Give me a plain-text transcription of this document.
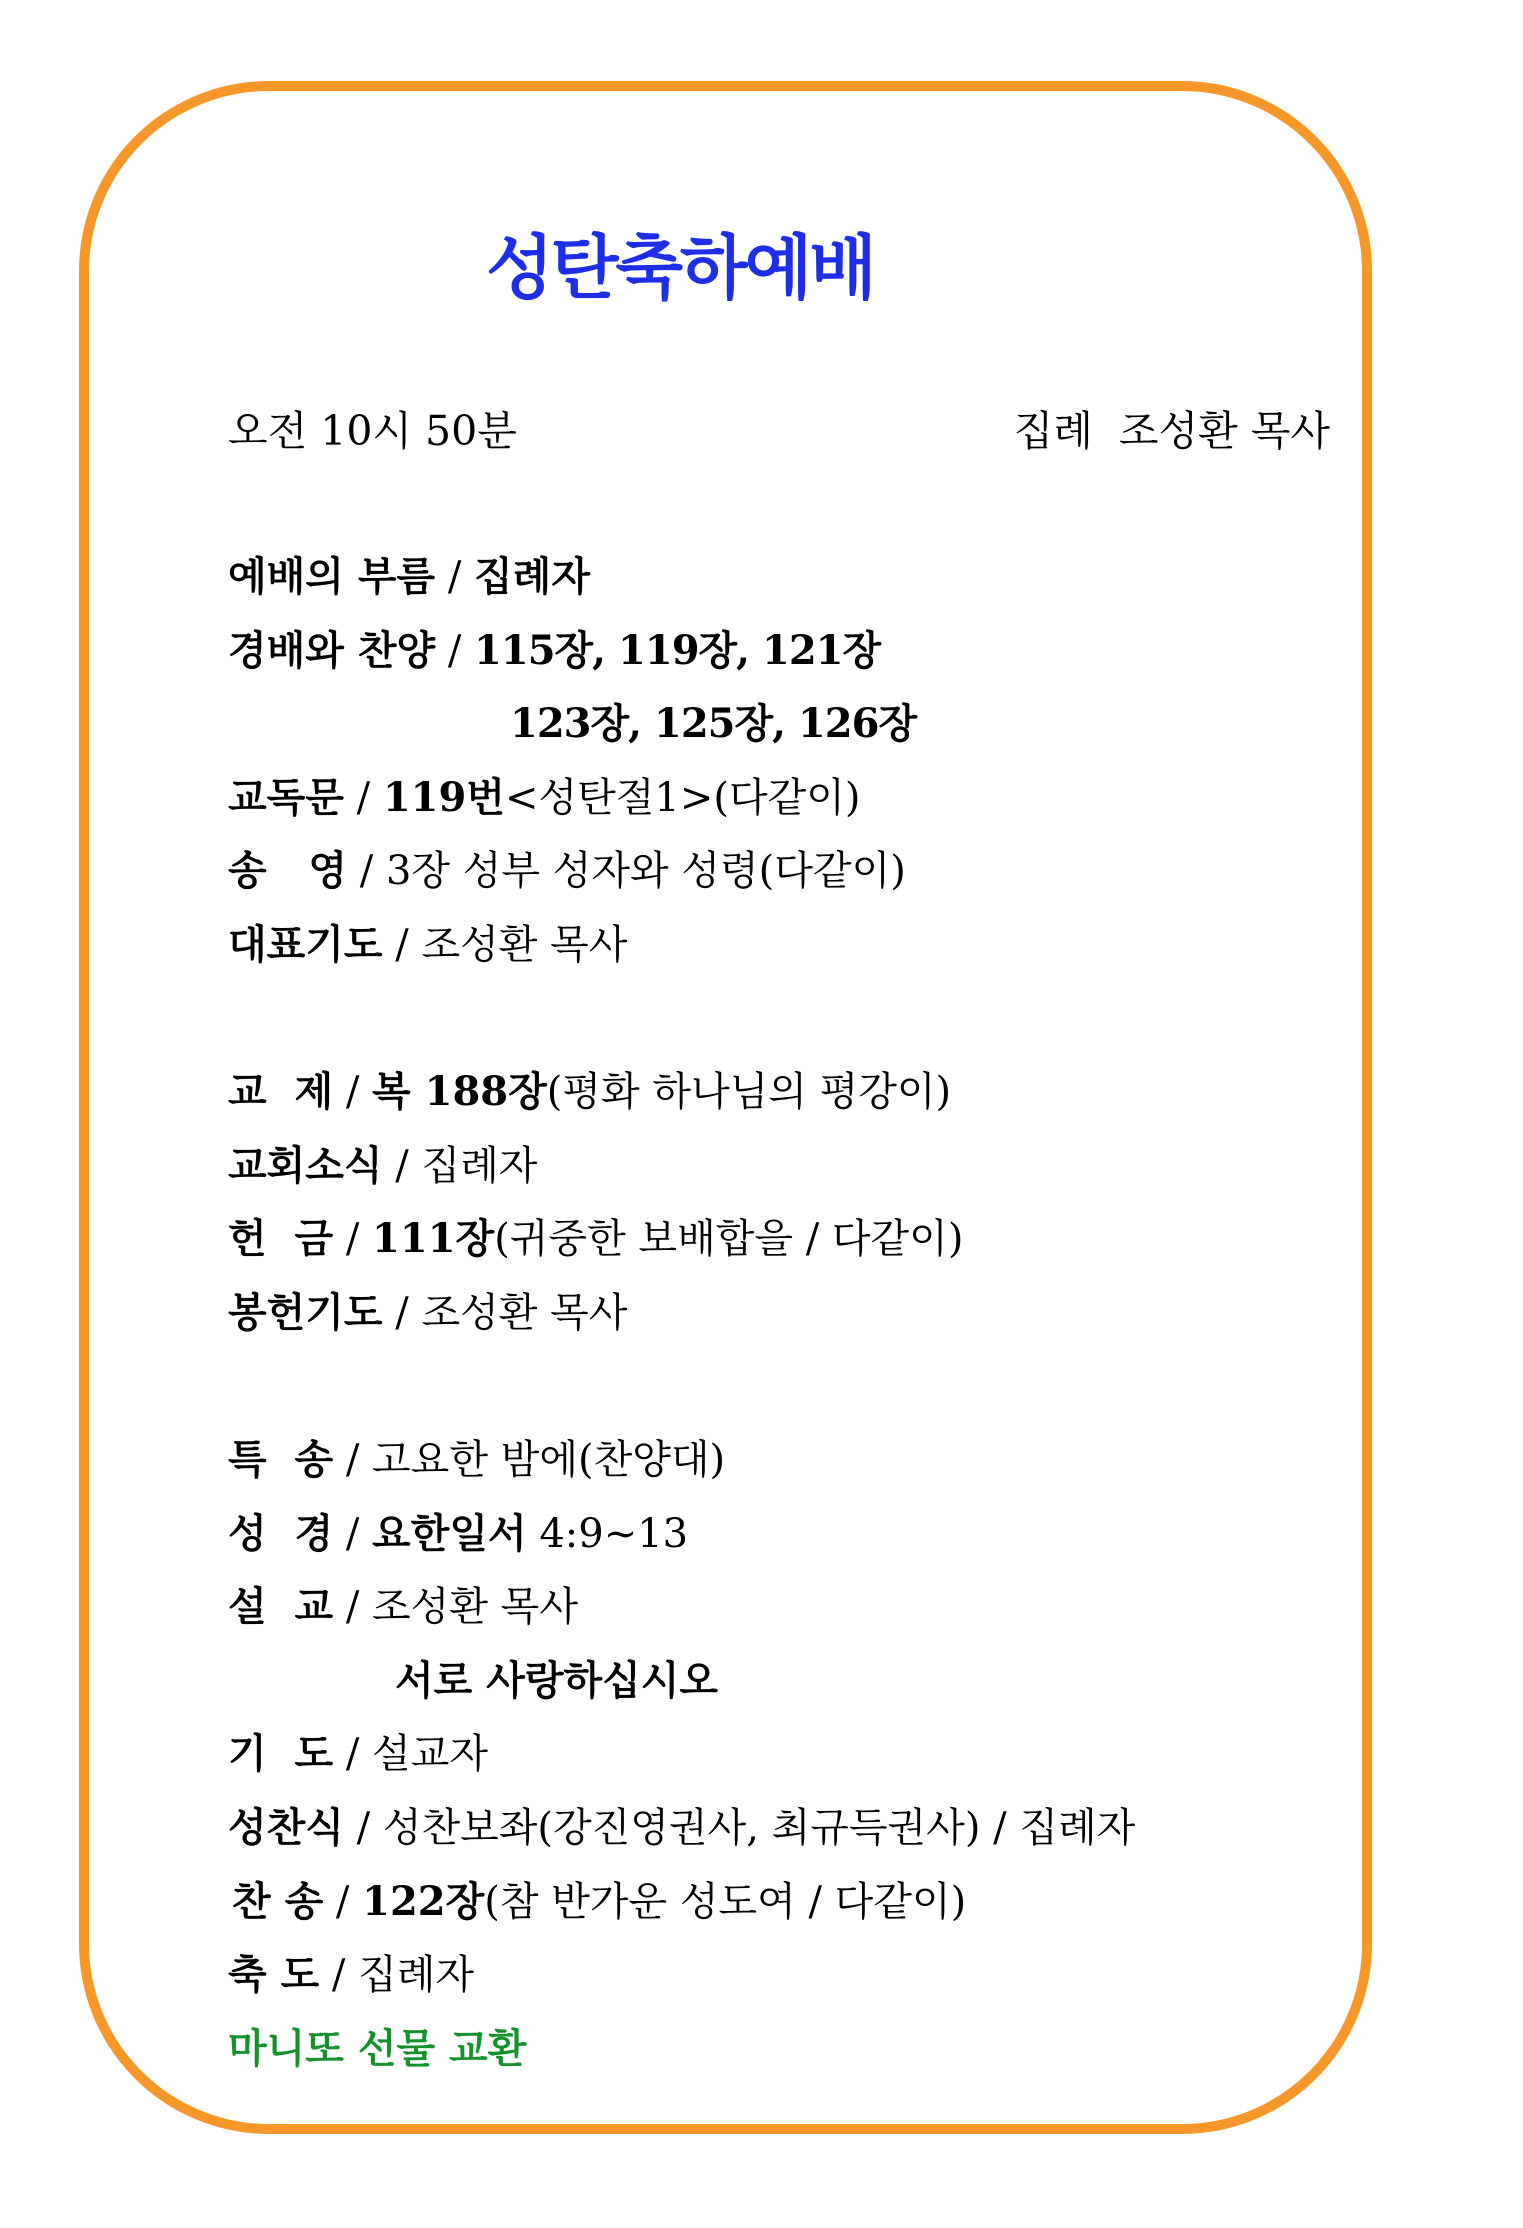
성탄축하예배
오전 10시 50분	집례  조성환 목사
예배의 부름 / 집례자
경배와 찬양 / 115장, 119장, 121장
123장, 125장, 126장
교독문 / 119번<성탄절1>(다같이)
송   영 / 3장 성부 성자와 성령(다같이)
대표기도 / 조성환 목사
교  제 / 복 188장(평화 하나님의 평강이)
교회소식 / 집례자
헌  금 / 111장(귀중한 보배합을 / 다같이)
봉헌기도 / 조성환 목사
특  송 / 고요한 밤에(찬양대)
성  경 / 요한일서 4:9~13
설  교 / 조성환 목사
서로 사랑하십시오
기  도 / 설교자
성찬식 / 성찬보좌(강진영권사, 최규득권사) / 집례자
찬 송 / 122장(참 반가운 성도여 / 다같이)
축 도 / 집례자
마니또 선물 교환
